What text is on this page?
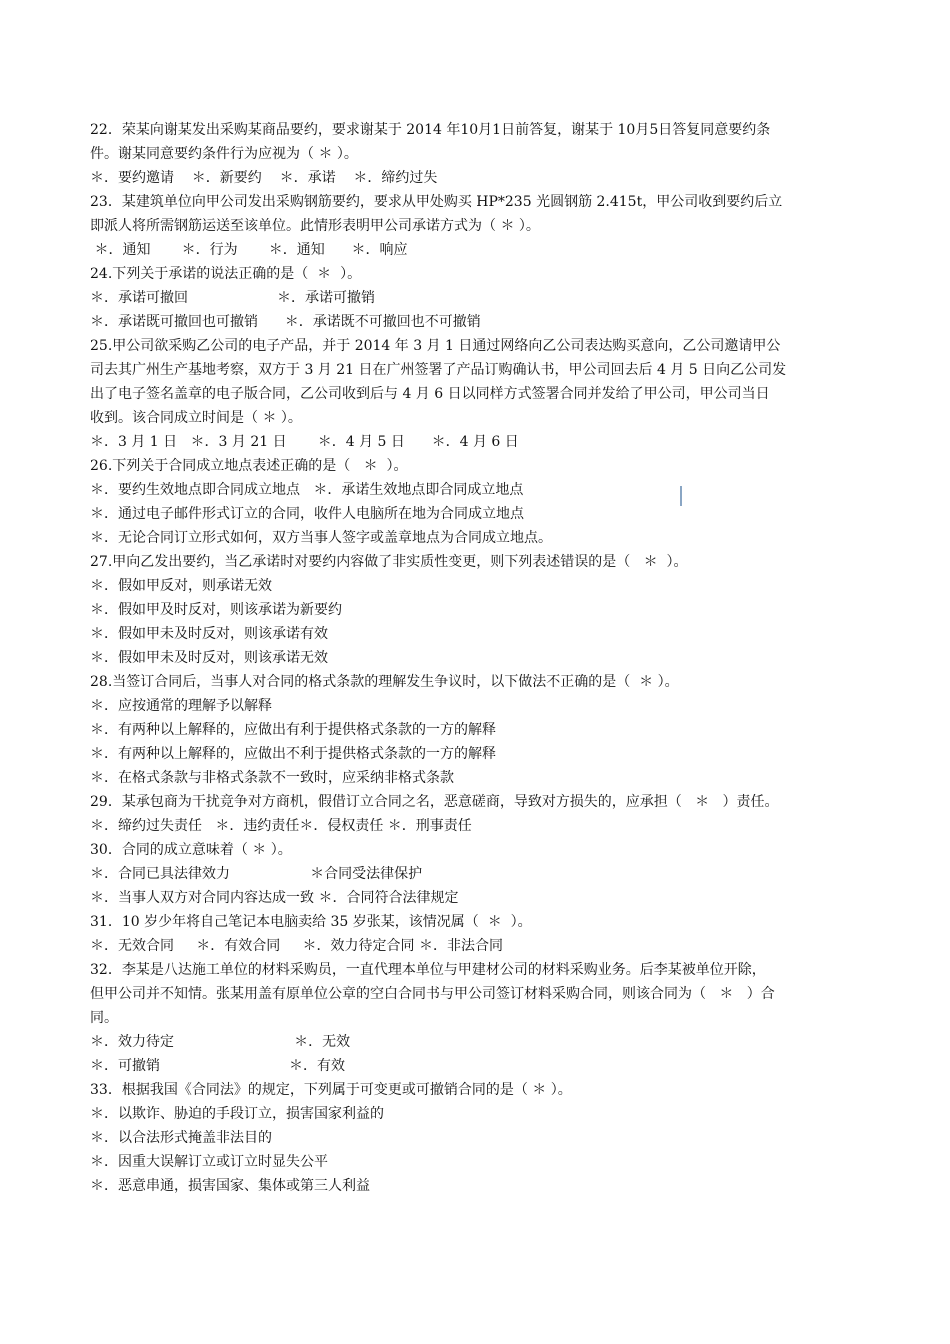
22．荣某向谢某发出采购某商品要约，要求谢某于 2014 年10月1日前答复，谢某于 10月5日答复同意要约条
件。谢某同意要约条件行为应视为（ ＊ ）。
＊．要约邀请    ＊．新要约    ＊．承诺    ＊．缔约过失
23．某建筑单位向甲公司发出采购钢筋要约，要求从甲处购买 HP*235 光圆钢筋 2.415t，甲公司收到要约后立
即派人将所需钢筋运送至该单位。此情形表明甲公司承诺方式为（ ＊ ）。
＊．通知       ＊．行为       ＊．通知      ＊．响应
24.下列关于承诺的说法正确的是（  ＊  ）。
＊．承诺可撤回                    ＊．承诺可撤销
＊．承诺既可撤回也可撤销      ＊．承诺既不可撤回也不可撤销
25.甲公司欲采购乙公司的电子产品，并于 2014 年 3 月 1 日通过网络向乙公司表达购买意向，乙公司邀请甲公
司去其广州生产基地考察，双方于 3 月 21 日在广州签署了产品订购确认书，甲公司回去后 4 月 5 日向乙公司发
出了电子签名盖章的电子版合同，乙公司收到后与 4 月 6 日以同样方式签署合同并发给了甲公司，甲公司当日
收到。该合同成立时间是（ ＊ ）。
＊．3 月 1 日   ＊．3 月 21 日       ＊．4 月 5 日      ＊．4 月 6 日
26.下列关于合同成立地点表述正确的是（   ＊  ）。
＊．要约生效地点即合同成立地点   ＊．承诺生效地点即合同成立地点
＊．通过电子邮件形式订立的合同，收件人电脑所在地为合同成立地点
＊．无论合同订立形式如何，双方当事人签字或盖章地点为合同成立地点。
27.甲向乙发出要约，当乙承诺时对要约内容做了非实质性变更，则下列表述错误的是（   ＊  ）。
＊．假如甲反对，则承诺无效
＊．假如甲及时反对，则该承诺为新要约
＊．假如甲未及时反对，则该承诺有效
＊．假如甲未及时反对，则该承诺无效
28.当签订合同后，当事人对合同的格式条款的理解发生争议时，以下做法不正确的是（  ＊ ）。
＊．应按通常的理解予以解释
＊．有两种以上解释的，应做出有利于提供格式条款的一方的解释
＊．有两种以上解释的，应做出不利于提供格式条款的一方的解释
＊．在格式条款与非格式条款不一致时，应采纳非格式条款
29．某承包商为干扰竞争对方商机，假借订立合同之名，恶意磋商，导致对方损失的，应承担（   ＊   ）责任。
＊．缔约过失责任   ＊．违约责任＊．侵权责任 ＊．刑事责任
30．合同的成立意味着（ ＊ ）。
＊．合同已具法律效力                  ＊合同受法律保护
＊．当事人双方对合同内容达成一致 ＊．合同符合法律规定
31．10 岁少年将自己笔记本电脑卖给 35 岁张某，该情况属（  ＊  ）。
＊．无效合同     ＊．有效合同     ＊．效力待定合同 ＊．非法合同
32．李某是八达施工单位的材料采购员，一直代理本单位与甲建材公司的材料采购业务。后李某被单位开除，
但甲公司并不知情。张某用盖有原单位公章的空白合同书与甲公司签订材料采购合同，则该合同为（   ＊   ）合
同。
＊．效力待定                           ＊．无效
＊．可撤销                             ＊．有效
33．根据我国《合同法》的规定，下列属于可变更或可撤销合同的是（ ＊ ）。
＊．以欺诈、胁迫的手段订立，损害国家利益的
＊．以合法形式掩盖非法目的
＊．因重大误解订立或订立时显失公平
＊．恶意串通，损害国家、集体或第三人利益
